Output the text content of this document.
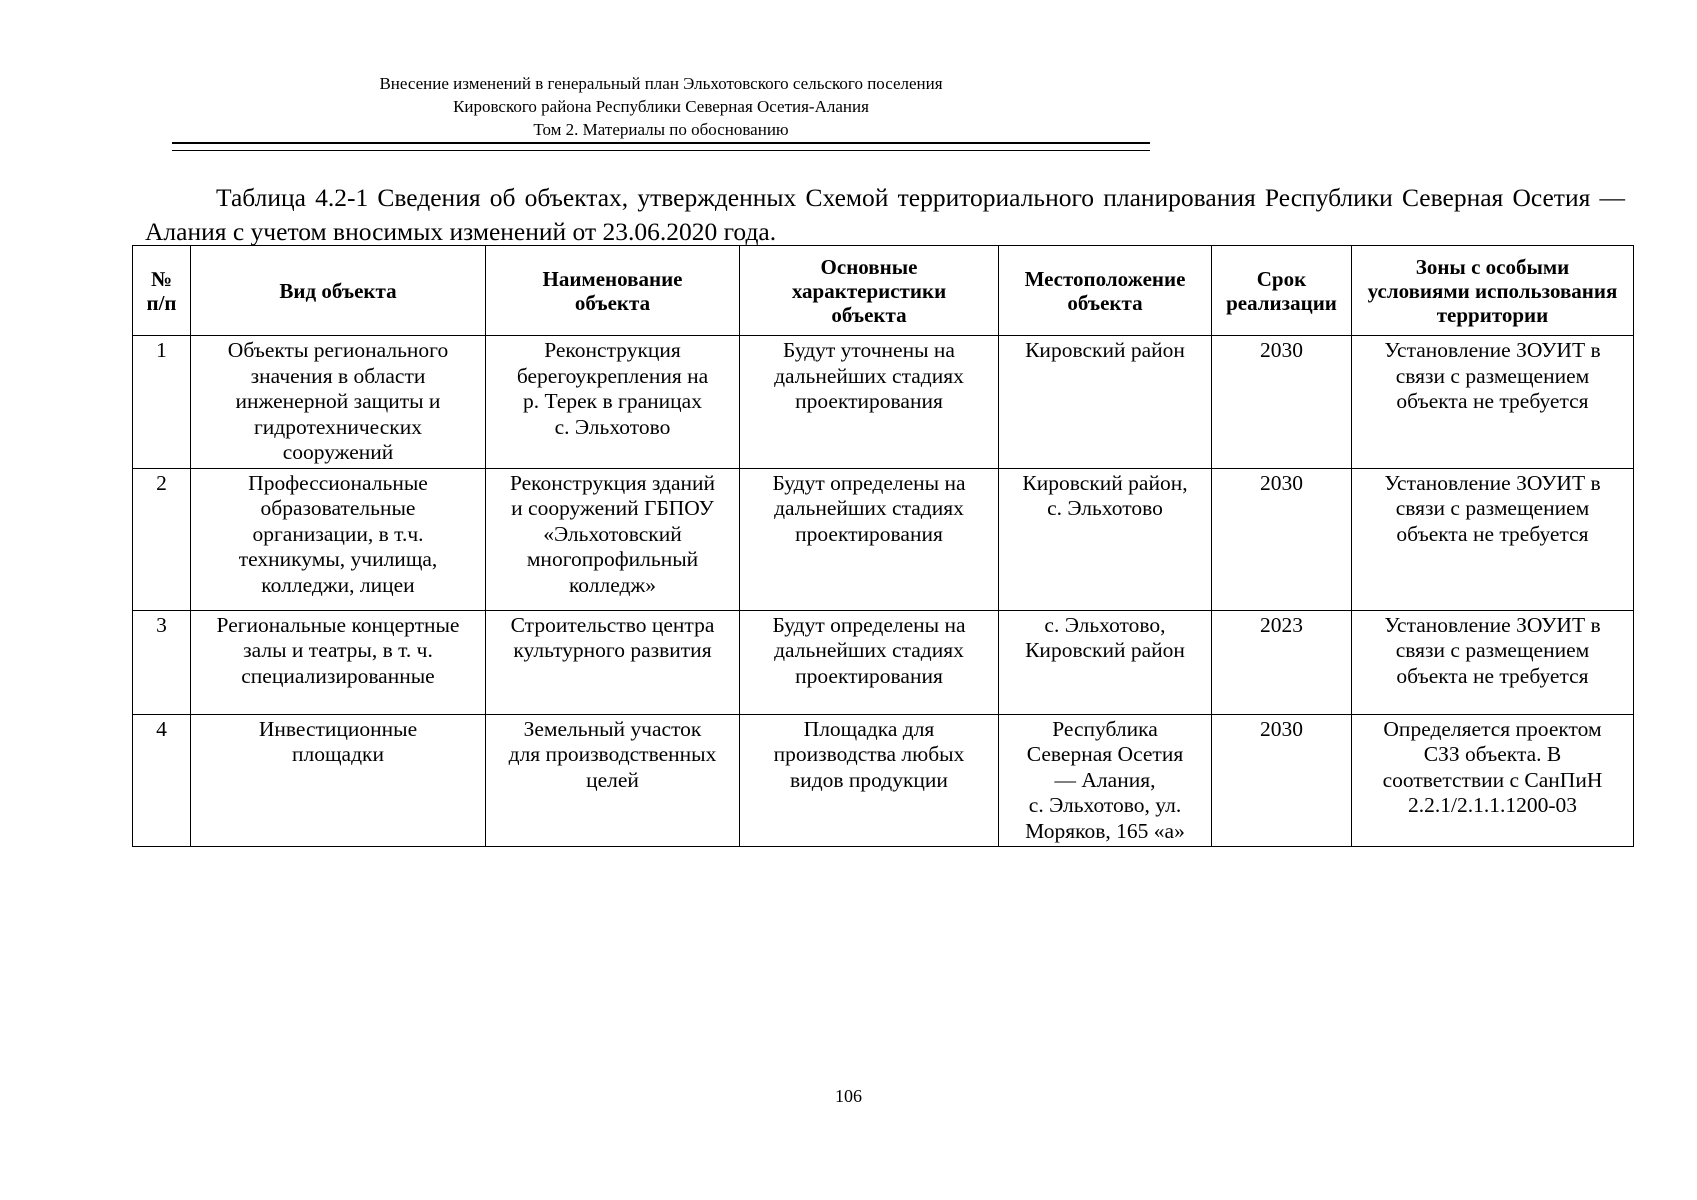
Внесение изменений в генеральный план Эльхотовского сельского поселения
Кировского района Республики Северная Осетия-Алания
Том 2. Материалы по обоснованию
Таблица 4.2-1 Сведения об объектах, утвержденных Схемой территориального планирования Республики Северная Осетия — Алания с учетом вносимых изменений от 23.06.2020 года.
№
п/п	Вид объекта	Наименование
объекта	Основные
характеристики
объекта	Местоположение
объекта	Срок
реализации	Зоны с особыми
условиями использования
территории
1	Объекты регионального
значения в области
инженерной защиты и
гидротехнических
сооружений	Реконструкция
берегоукрепления на
р. Терек в границах
с. Эльхотово	Будут уточнены на
дальнейших стадиях
проектирования	Кировский район	2030	Установление ЗОУИТ в
связи с размещением
объекта не требуется
2	Профессиональные
образовательные
организации, в т.ч.
техникумы, училища,
колледжи, лицеи	Реконструкция зданий
и сооружений ГБПОУ
«Эльхотовский
многопрофильный
колледж»	Будут определены на
дальнейших стадиях
проектирования	Кировский район,
с. Эльхотово	2030	Установление ЗОУИТ в
связи с размещением
объекта не требуется
3	Региональные концертные
залы и театры, в т. ч.
специализированные	Строительство центра
культурного развития	Будут определены на
дальнейших стадиях
проектирования	с. Эльхотово,
Кировский район	2023	Установление ЗОУИТ в
связи с размещением
объекта не требуется
4	Инвестиционные
площадки	Земельный участок
для производственных
целей	Площадка для
производства любых
видов продукции	Республика
Северная Осетия
— Алания,
с. Эльхотово, ул.
Моряков, 165 «а»	2030	Определяется проектом
СЗЗ объекта. В
соответствии с СанПиН
2.2.1/2.1.1.1200-03
106
